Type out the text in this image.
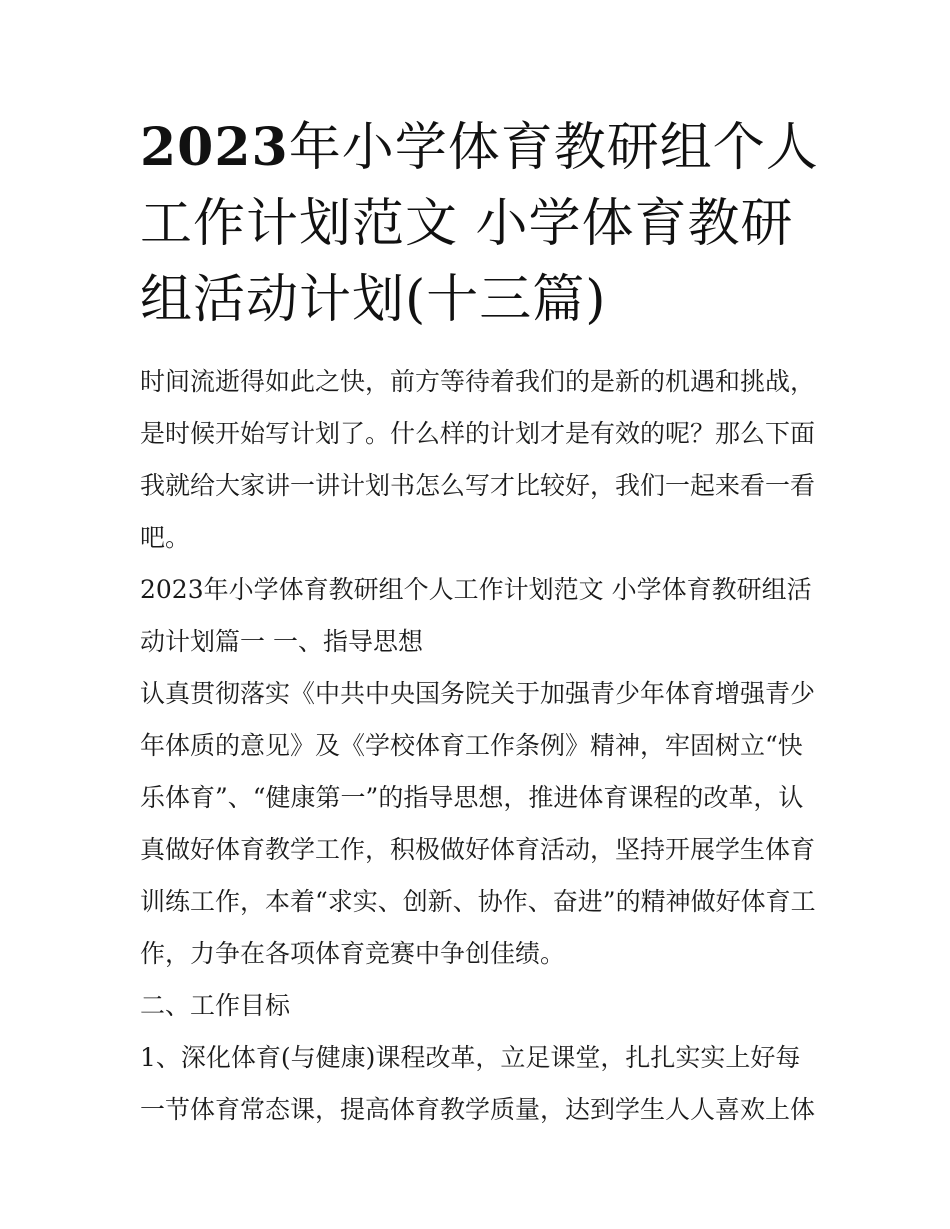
2023年小学体育教研组个人工作计划范文 小学体育教研组活动计划(十三篇)

时间流逝得如此之快，前方等待着我们的是新的机遇和挑战，是时候开始写计划了。什么样的计划才是有效的呢？那么下面我就给大家讲一讲计划书怎么写才比较好，我们一起来看一看吧。

2023年小学体育教研组个人工作计划范文 小学体育教研组活动计划篇一 一、指导思想

认真贯彻落实《中共中央国务院关于加强青少年体育增强青少年体质的意见》及《学校体育工作条例》精神，牢固树立“快乐体育”、“健康第一”的指导思想，推进体育课程的改革，认真做好体育教学工作，积极做好体育活动，坚持开展学生体育训练工作，本着“求实、创新、协作、奋进”的精神做好体育工作，力争在各项体育竞赛中争创佳绩。

二、工作目标

1、深化体育(与健康)课程改革，立足课堂，扎扎实实上好每一节体育常态课，提高体育教学质量，达到学生人人喜欢上体
